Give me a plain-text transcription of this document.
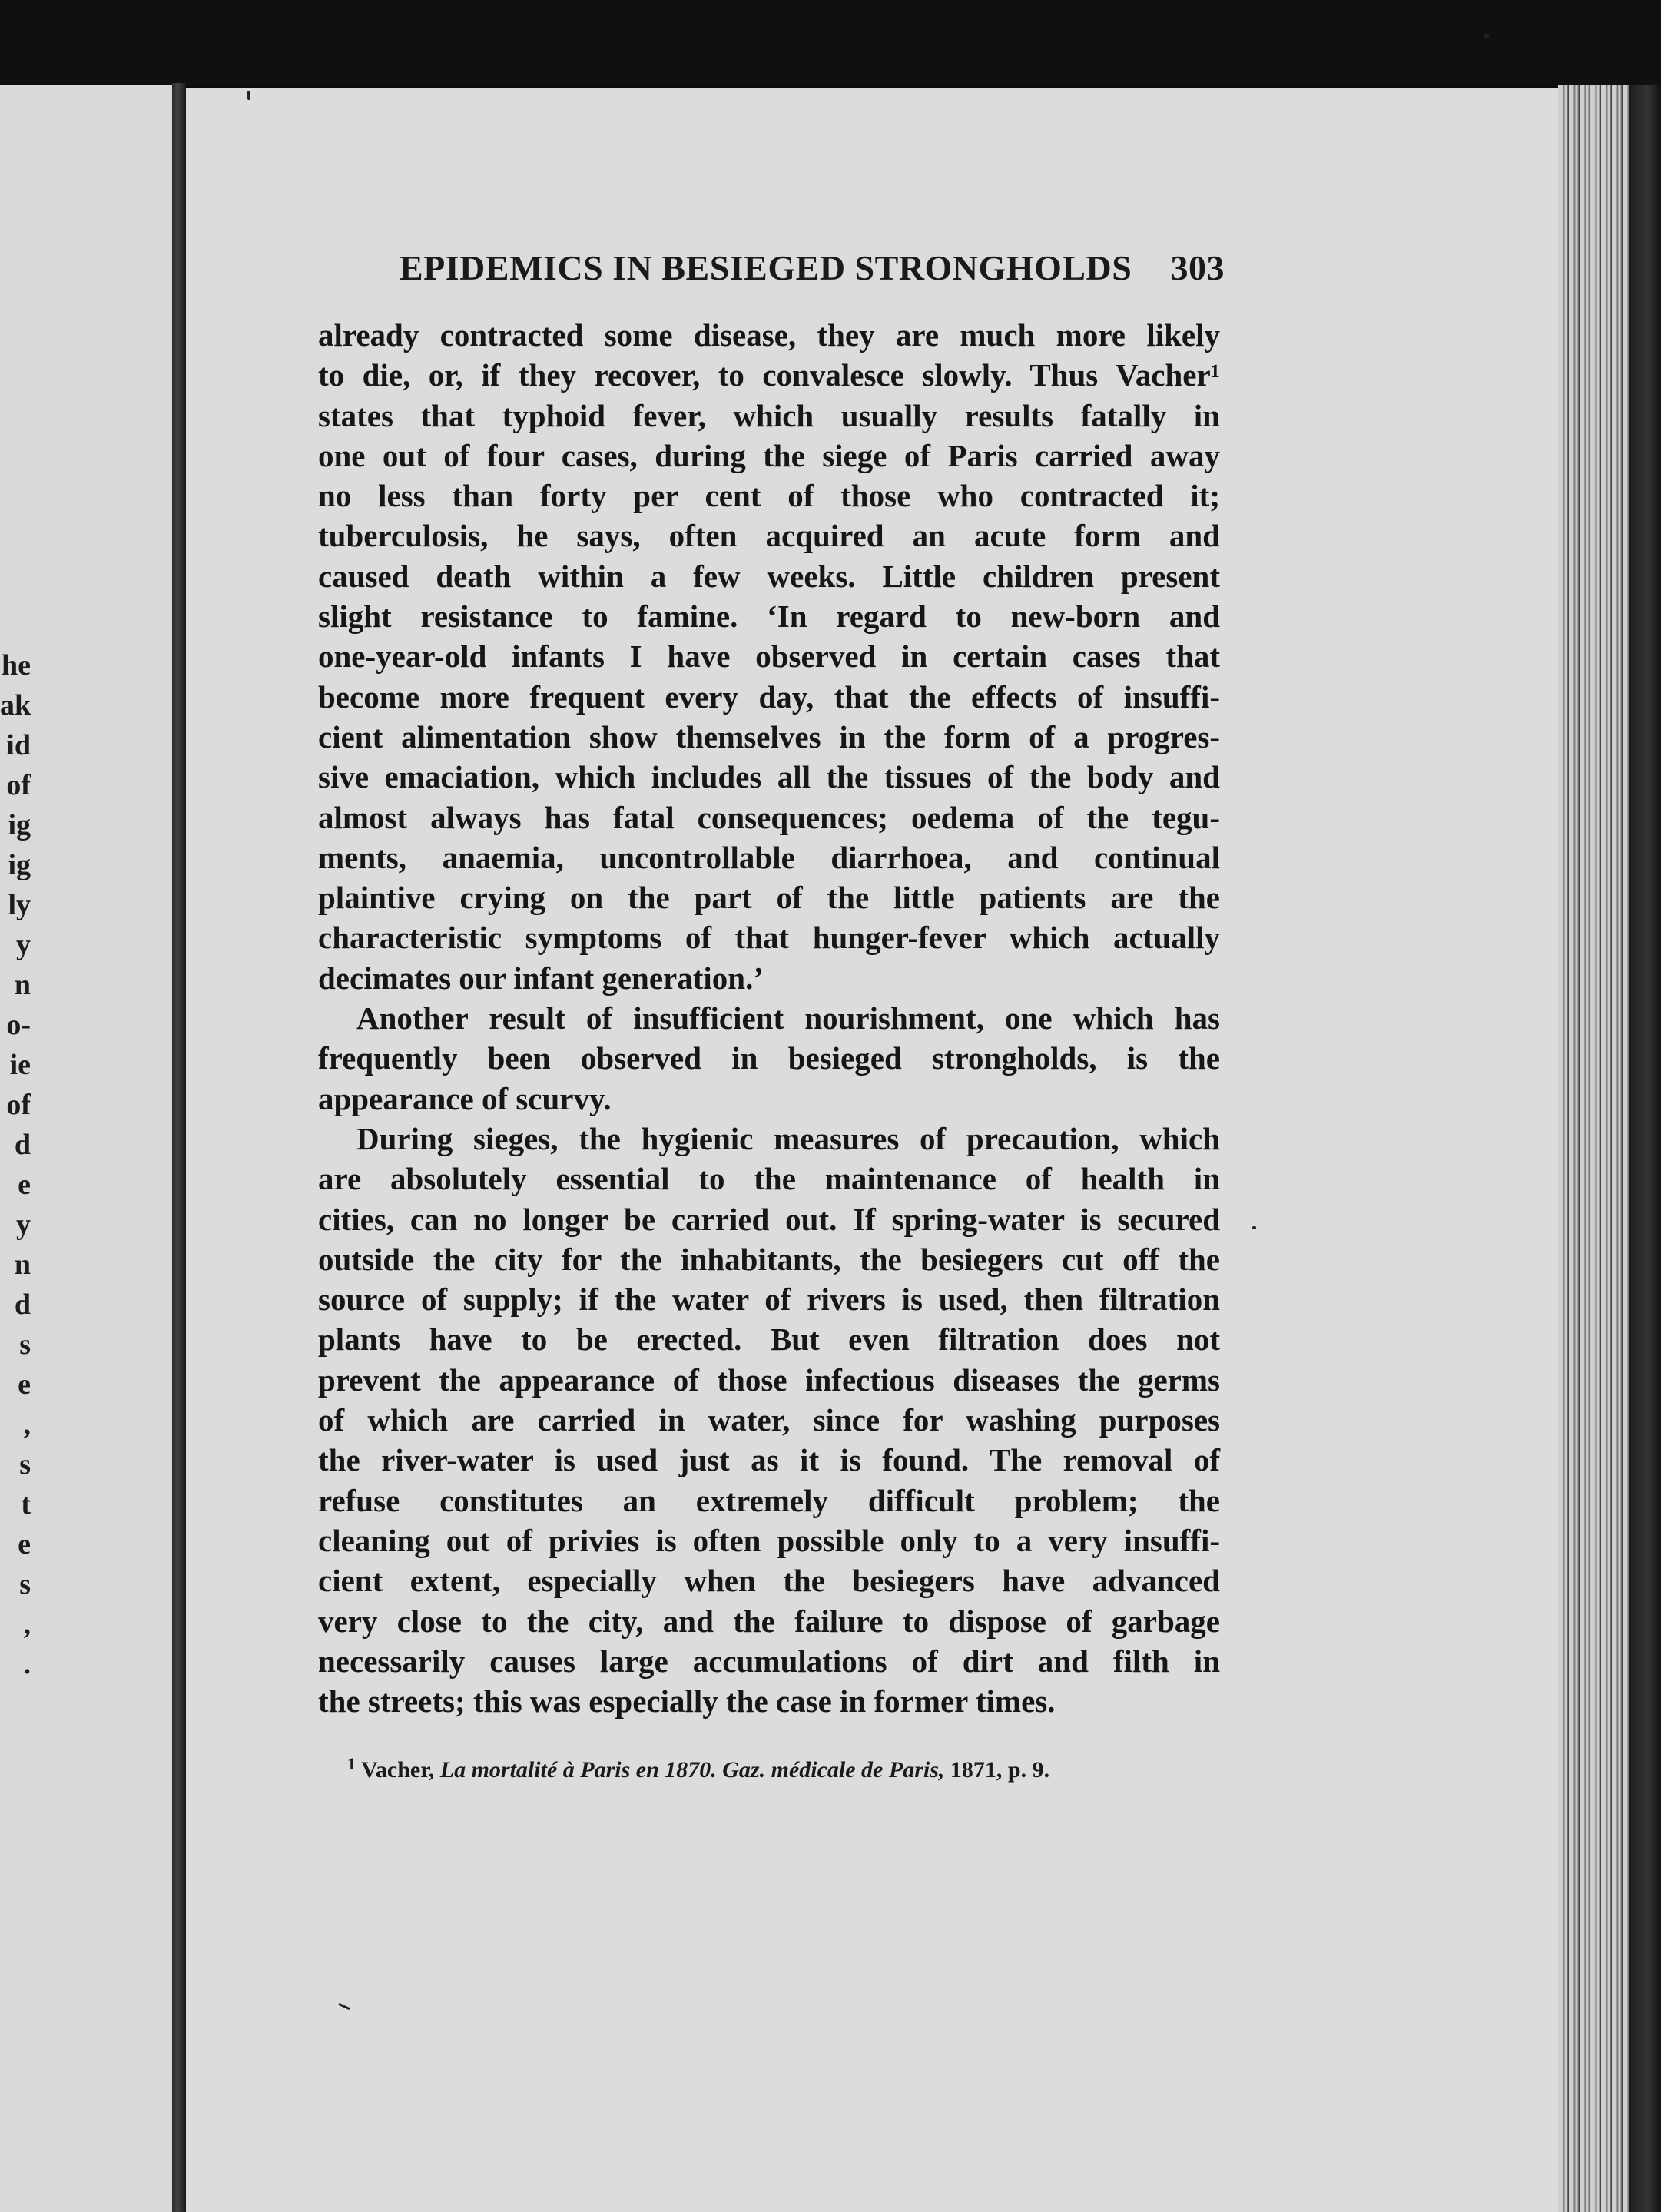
he
ak
id
of
ig
ig
ly
y
n
o-
ie
of
d
e
y
n
d
s
e
,
s
t
e
s
,
.
EPIDEMICS IN BESIEGED STRONGHOLDS 303
already contracted some disease, they are much more likely
to die, or, if they recover, to convalesce slowly. Thus Vacher¹
states that typhoid fever, which usually results fatally in
one out of four cases, during the siege of Paris carried away
no less than forty per cent of those who contracted it;
tuberculosis, he says, often acquired an acute form and
caused death within a few weeks. Little children present
slight resistance to famine. ‘In regard to new-born and
one-year-old infants I have observed in certain cases that
become more frequent every day, that the effects of insuffi-
cient alimentation show themselves in the form of a progres-
sive emaciation, which includes all the tissues of the body and
almost always has fatal consequences; oedema of the tegu-
ments, anaemia, uncontrollable diarrhoea, and continual
plaintive crying on the part of the little patients are the
characteristic symptoms of that hunger-fever which actually
decimates our infant generation.’
Another result of insufficient nourishment, one which has
frequently been observed in besieged strongholds, is the
appearance of scurvy.
During sieges, the hygienic measures of precaution, which
are absolutely essential to the maintenance of health in
cities, can no longer be carried out. If spring-water is secured
outside the city for the inhabitants, the besiegers cut off the
source of supply; if the water of rivers is used, then filtration
plants have to be erected. But even filtration does not
prevent the appearance of those infectious diseases the germs
of which are carried in water, since for washing purposes
the river-water is used just as it is found. The removal of
refuse constitutes an extremely difficult problem; the
cleaning out of privies is often possible only to a very insuffi-
cient extent, especially when the besiegers have advanced
very close to the city, and the failure to dispose of garbage
necessarily causes large accumulations of dirt and filth in
the streets; this was especially the case in former times.
$^1$ Vacher, La mortalité à Paris en 1870. Gaz. médicale de Paris, 1871, p. 9.
